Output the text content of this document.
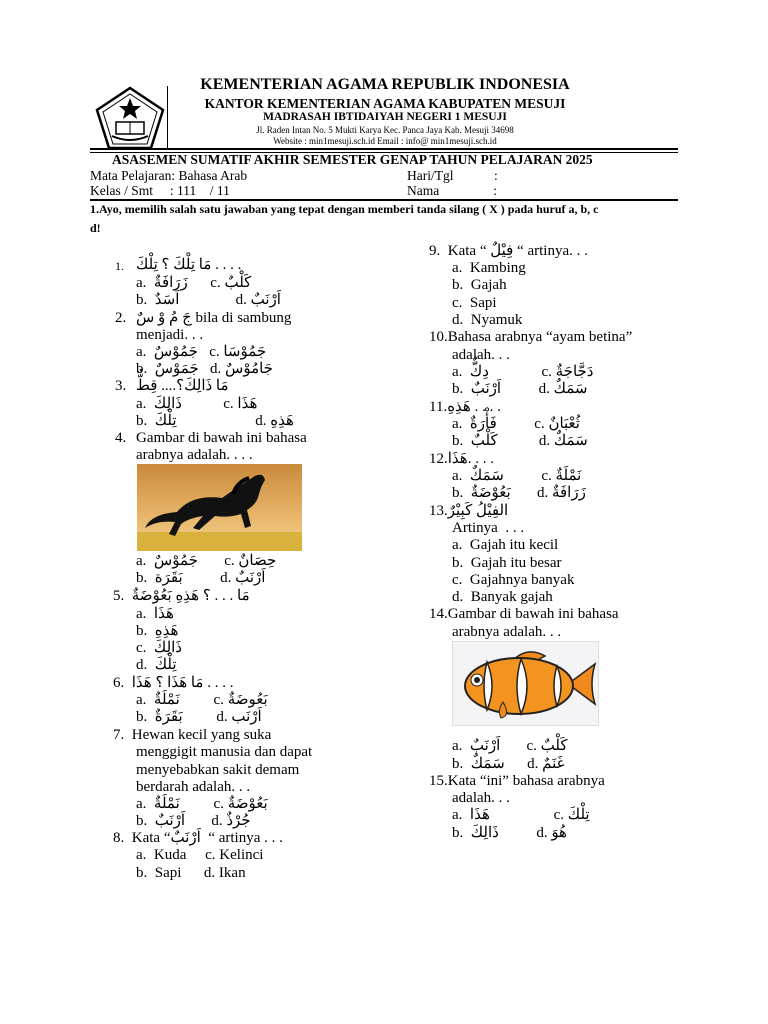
KEMENTERIAN AGAMA REPUBLIK INDONESIA
KANTOR KEMENTERIAN AGAMA KABUPATEN MESUJI
MADRASAH IBTIDAIYAH NEGERI 1 MESUJI
Jl. Raden Intan No. 5 Mukti Karya Kec. Panca Jaya Kab. Mesuji 34698
Website : min1mesuji.sch.id Email : info@ min1mesuji.sch.id
ASASEMEN SUMATIF AKHIR SEMESTER GENAP TAHUN PELAJARAN 2025
Mata Pelajaran: Bahasa Arab
Kelas / Smt     : 111    / 11
Hari/Tgl            :
Nama                :
1.Ayo, memilih salah satu jawaban yang tepat dengan memberi tanda silang ( X ) pada huruf a, b, c
d!
1. مَا تِلْكَ ؟ تِلْكَ . . . .
a.  زَرَافَةٌ      c. كَلْبٌ
b.  اَسَدٌ               d. اَرْنَبٌ
2. جَ مُ وْ سٌ bila di sambung
menjadi. . .
a.  جَمُوْسٌ   c. جَمُوْسَا
b.  جَمَوْسٌ   d. جَامُوْسٌ
3. مَا ذَالِكَ؟.... قِطٌّ
a.  ذَالِكَ           c. هَذَا
b.  تِلْكَ                     d. هَذِهِ
4. Gambar di bawah ini bahasa
arabnya adalah. . . .
a.  جَمُوْسٌ       c. حِصَانٌ
b.  بَقَرَة          d. اَرْنَبٌ
5.  مَا . . . ؟ هَذِهِ بَعُوْضَةٌ
a.  هَذَا
b.  هَذِهِ
c.  ذَالِكَ
d.  تِلْكَ
6.  مَا هَذَا ؟ هَذَا . . . .
a.  نَمْلَةٌ         c. بَعُوضَةٌ
b.  بَقَرَةٌ         d. اَرْنَب
7.  Hewan kecil yang suka
menggigit manusia dan dapat
menyebabkan sakit demam
berdarah adalah. . .
a.  نَمْلَةٌ         c. بَعُوْضَةٌ
b.  اَرْنَبٌ       d. جُرْذٌ
8.  Kata “اَرْنَبٌ  “ artinya . . .
a.  Kuda     c. Kelinci
b.  Sapi      d. Ikan
9.  Kata “ فِيْلٌ “ artinya. . .
a.  Kambing
b.  Gajah
c.  Sapi
d.  Nyamuk
10.Bahasa arabnya “ayam betina”
adalah. . .
a.  دِكٌّ              c. دَجَّاجَةٌ
b.  اَرْنَبٌ          d. سَمَكٌ
11.هَذِهِ . . . .
a.  فَأْرَةٌ          c. ثُعْبَانٌ
b.  كَلْبٌ           d. سَمَكٌ
12.هَذَا. . . .
a.  سَمَكٌ          c. نَمْلَةٌ
b.  بَعُوْضَةٌ       d. زَرَافَةٌ
13.الفِيْلُ كَبِيْرٌ
Artinya  . . .
a.  Gajah itu kecil
b.  Gajah itu besar
c.  Gajahnya banyak
d.  Banyak gajah
14.Gambar di bawah ini bahasa
arabnya adalah. . .
a.  اَرْنَبٌ       c. كَلْبٌ
b.  سَمَكٌ      d. غَنَمٌ
15.Kata “ini” bahasa arabnya
adalah. . .
a.  هَذَا                 c. تِلْكَ
b.  ذَالِكَ          d. هُوَ
